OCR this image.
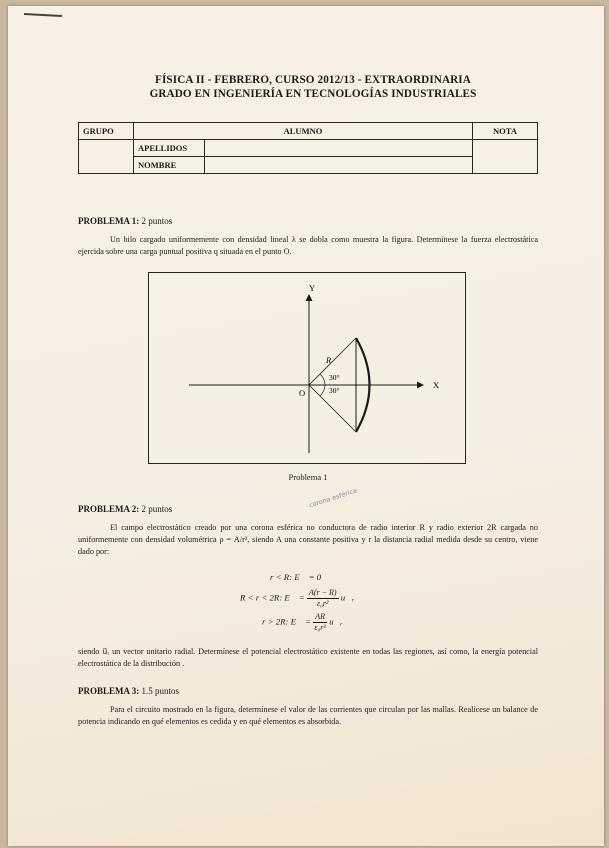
FÍSICA II - FEBRERO, CURSO 2012/13 - EXTRAORDINARIA
GRADO EN INGENIERÍA EN TECNOLOGÍAS INDUSTRIALES
GRUPO	ALUMNO		NOTA
	APELLIDOS		
	NOMBRE		
PROBLEMA 1: 2 puntos
Un hilo cargado uniformemente con densidad lineal λ se dobla como muestra la figura. Determínese la fuerza electrostática ejercida sobre una carga puntual positiva q situada en el punto O.
Y
X
O
R
30°
30°
Problema 1
PROBLEMA 2: 2 puntos	corona esférica
El campo electrostático creado por una corona esférica no conductora de radio interior R y radio exterior 2R cargada no uniformemente con densidad volumétrica ρ = A/r², siendo A una constante positiva y r la distancia radial medida desde su centro, viene dado por:
r < R: E⃗ = 0⃗
R < r < 2R: E⃗ = $\frac{A(r - R)}{\text{ε₀r²}}$ u⃗ᵣ
r > 2R: E⃗ = $\frac{AR}{\text{ε₀r²}}$ u⃗ᵣ
siendo u⃗ᵣ un vector unitario radial. Determínese el potencial electrostático existente en todas las regiones, así como, la energía potencial electrostática de la distribución .
PROBLEMA 3: 1.5 puntos
Para el circuito mostrado en la figura, determínese el valor de las corrientes que circulan por las mallas. Realícese un balance de potencia indicando en qué elementos es cedida y en qué elementos es absorbida.
